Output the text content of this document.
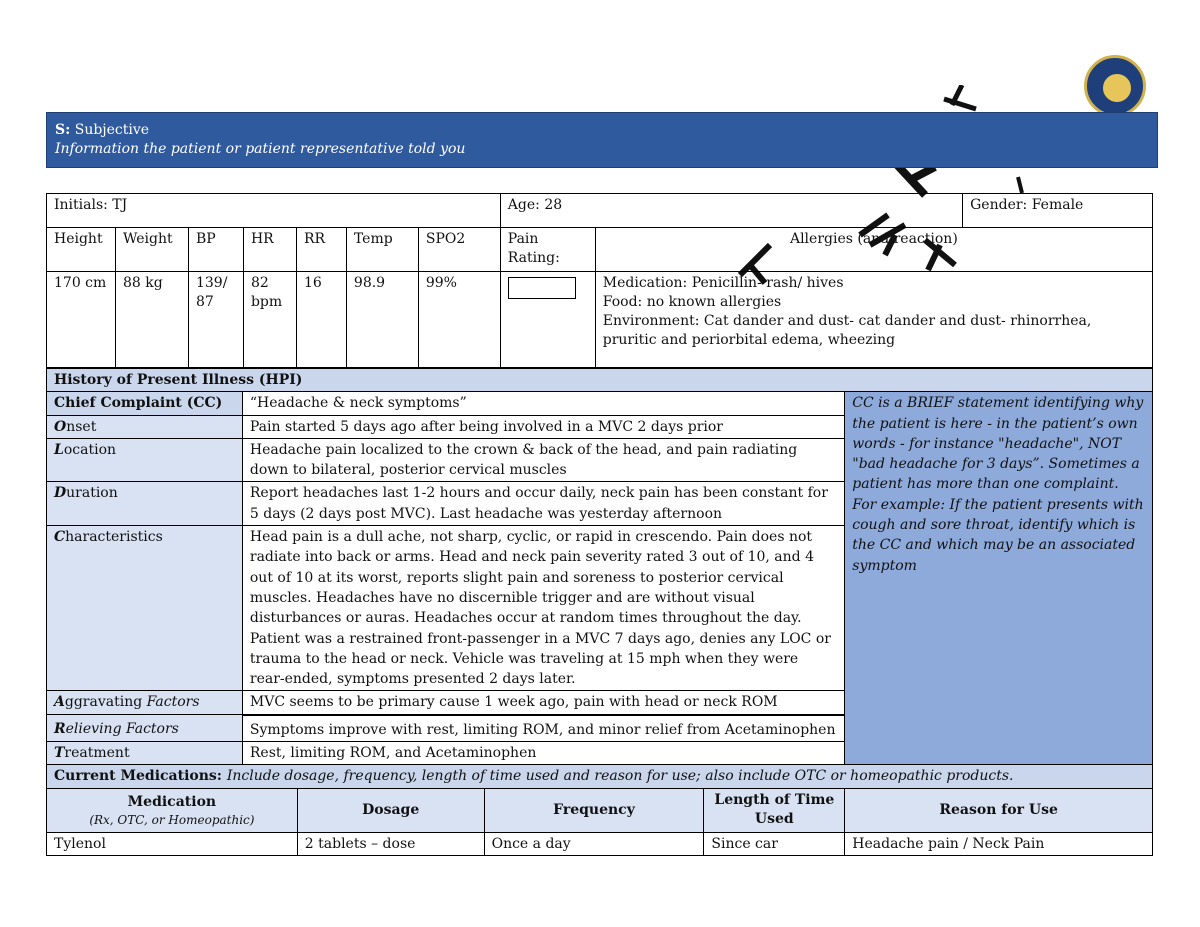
S: Subjective
Information the patient or patient representative told you
Initials: TJ							Age: 28		Gender: Female
Height	Weight	BP	HR	RR	Temp	SPO2	Pain Rating:	Allergies (and reaction)	
170 cm	88 kg	139/ 87	82 bpm	16	98.9	99%		Medication: Penicillin- rash/ hives
Food: no known allergies
Environment: Cat dander and dust- cat dander and dust- rhinorrhea, pruritic and periorbital edema, wheezing	
History of Present Illness (HPI)					
Chief Complaint (CC)	“Headache & neck symptoms”				CC is a BRIEF statement identifying why the patient is here - in the patient’s own words - for instance "headache", NOT "bad headache for 3 days”. Sometimes a patient has more than one complaint. For example: If the patient presents with cough and sore throat, identify which is the CC and which may be an associated symptom
Onset	Pain started 5 days ago after being involved in a MVC 2 days prior				
Location	Headache pain localized to the crown & back of the head, and pain radiating down to bilateral, posterior cervical muscles				
Duration	Report headaches last 1-2 hours and occur daily, neck pain has been constant for 5 days (2 days post MVC). Last headache was yesterday afternoon				
Characteristics	Head pain is a dull ache, not sharp, cyclic, or rapid in crescendo. Pain does not radiate into back or arms. Head and neck pain severity rated 3 out of 10, and 4 out of 10 at its worst, reports slight pain and soreness to posterior cervical muscles. Headaches have no discernible trigger and are without visual disturbances or auras. Headaches occur at random times throughout the day. Patient was a restrained front-passenger in a MVC 7 days ago, denies any LOC or trauma to the head or neck. Vehicle was traveling at 15 mph when they were rear-ended, symptoms presented 2 days later.				
Aggravating Factors	MVC seems to be primary cause 1 week ago, pain with head or neck ROM				
Relieving Factors	Symptoms improve with rest, limiting ROM, and minor relief from Acetaminophen				
Treatment	Rest, limiting ROM, and Acetaminophen				
Current Medications: Include dosage, frequency, length of time used and reason for use; also include OTC or homeopathic products.					
Medication
(Rx, OTC, or Homeopathic)		Dosage	Frequency	Length of Time Used	Reason for Use
Tylenol		2 tablets – dose	Once a day	Since car	Headache pain / Neck Pain
